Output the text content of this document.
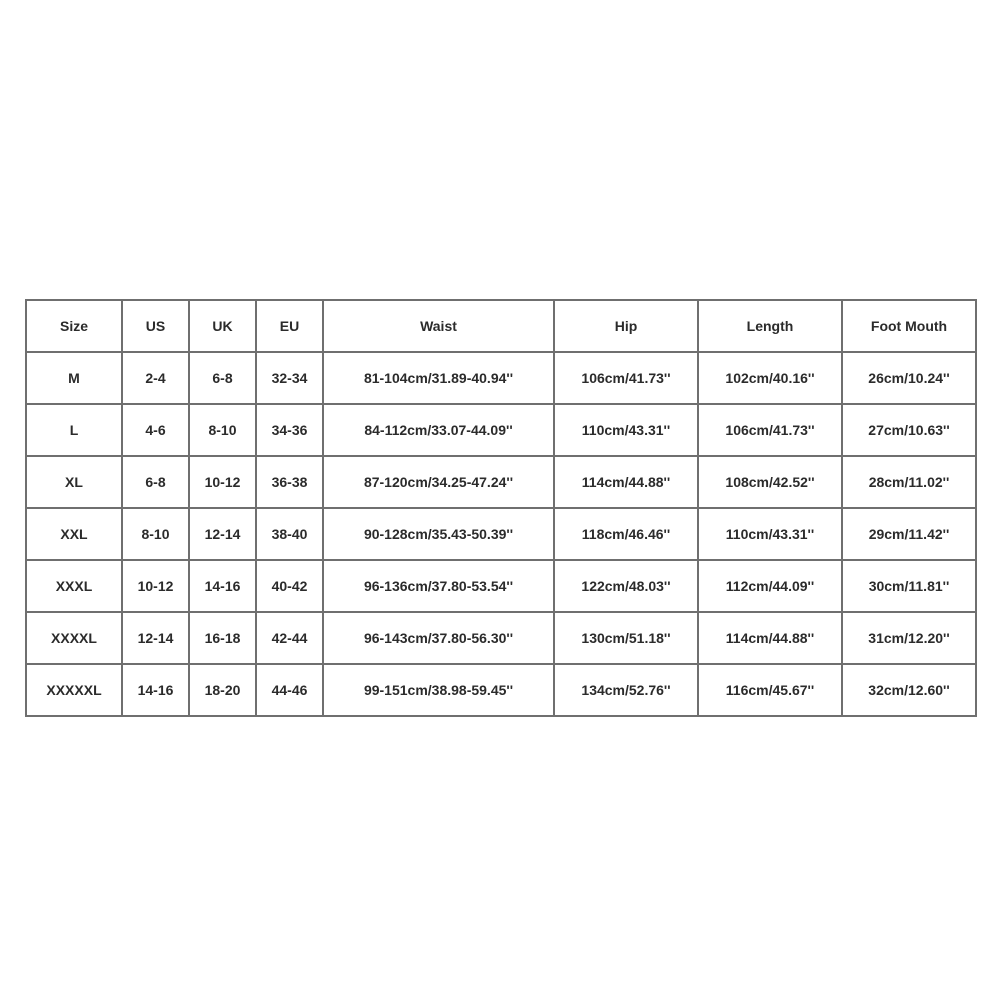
Size	US	UK	EU	Waist	Hip	Length	Foot Mouth
M	2-4	6-8	32-34	81-104cm/31.89-40.94''	106cm/41.73''	102cm/40.16''	26cm/10.24''
L	4-6	8-10	34-36	84-112cm/33.07-44.09''	110cm/43.31''	106cm/41.73''	27cm/10.63''
XL	6-8	10-12	36-38	87-120cm/34.25-47.24''	114cm/44.88''	108cm/42.52''	28cm/11.02''
XXL	8-10	12-14	38-40	90-128cm/35.43-50.39''	118cm/46.46''	110cm/43.31''	29cm/11.42''
XXXL	10-12	14-16	40-42	96-136cm/37.80-53.54''	122cm/48.03''	112cm/44.09''	30cm/11.81''
XXXXL	12-14	16-18	42-44	96-143cm/37.80-56.30''	130cm/51.18''	114cm/44.88''	31cm/12.20''
XXXXXL	14-16	18-20	44-46	99-151cm/38.98-59.45''	134cm/52.76''	116cm/45.67''	32cm/12.60''
